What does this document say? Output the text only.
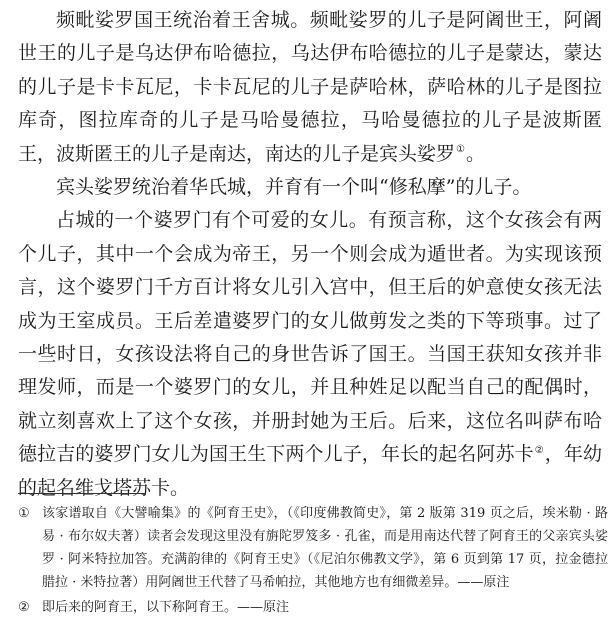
频毗娑罗国王统治着王舍城。频毗娑罗的儿子是阿阇世王，阿阇世王的儿子是乌达伊布哈德拉，乌达伊布哈德拉的儿子是蒙达，蒙达的儿子是卡卡瓦尼，卡卡瓦尼的儿子是萨哈林，萨哈林的儿子是图拉库奇，图拉库奇的儿子是马哈曼德拉，马哈曼德拉的儿子是波斯匿王，波斯匿王的儿子是南达，南达的儿子是宾头娑罗①。

宾头娑罗统治着华氏城，并育有一个叫“修私摩”的儿子。

占城的一个婆罗门有个可爱的女儿。有预言称，这个女孩会有两个儿子，其中一个会成为帝王，另一个则会成为遁世者。为实现该预言，这个婆罗门千方百计将女儿引入宫中，但王后的妒意使女孩无法成为王室成员。王后差遣婆罗门的女儿做剪发之类的下等琐事。过了一些时日，女孩设法将自己的身世告诉了国王。当国王获知女孩并非理发师，而是一个婆罗门的女儿，并且种姓足以配当自己的配偶时，就立刻喜欢上了这个女孩，并册封她为王后。后来，这位名叫萨布哈德拉吉的婆罗门女儿为国王生下两个儿子，年长的起名阿苏卡②，年幼的起名维戈塔苏卡。

① 该家谱取自《大譬喻集》的《阿育王史》，（《印度佛教简史》，第 2 版第 319 页之后，埃米勒 · 路易 · 布尔奴夫著）读者会发现这里没有旃陀罗笈多 · 孔雀，而是用南达代替了阿育王的父亲宾头娑罗 · 阿米特拉加答。充满韵律的《阿育王史》（《尼泊尔佛教文学》，第 6 页到第 17 页，拉金德拉腊拉 · 米特拉著）用阿阇世王代替了马希帕拉，其他地方也有细微差异。——原注

② 即后来的阿育王，以下称阿育王。——原注
